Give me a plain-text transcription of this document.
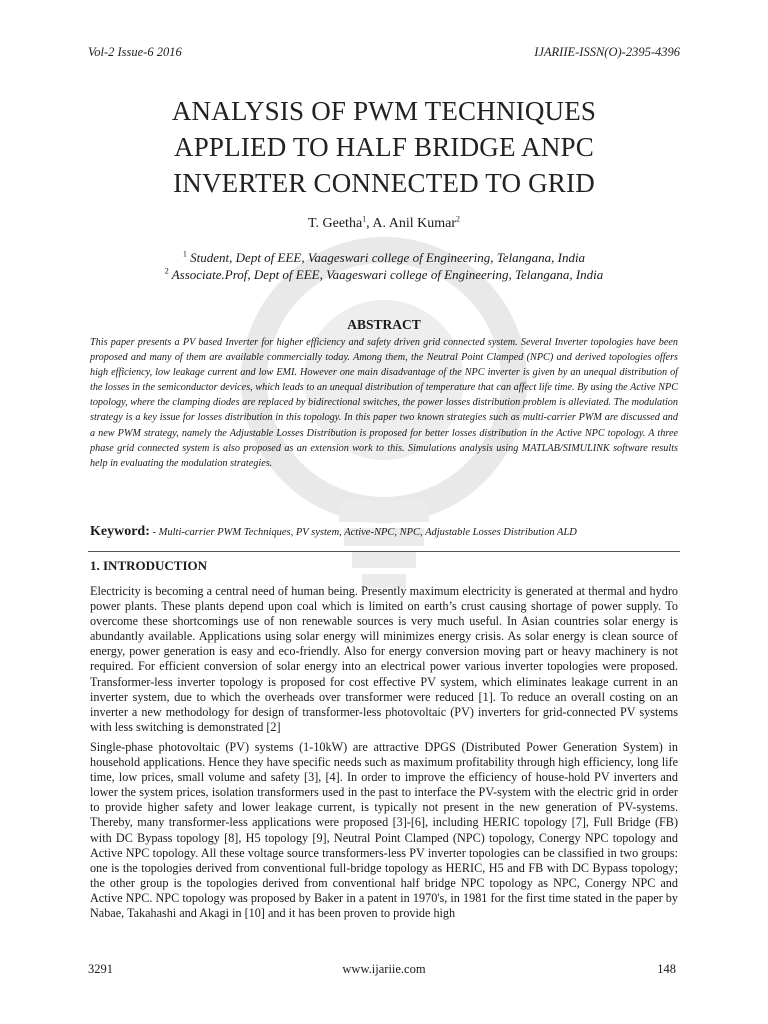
Vol-2 Issue-6 2016	IJARIIE-ISSN(O)-2395-4396
ANALYSIS OF PWM TECHNIQUES
APPLIED TO HALF BRIDGE ANPC
INVERTER CONNECTED TO GRID
T. Geetha$^1$, A. Anil Kumar$^2$
$^1$ Student, Dept of EEE, Vaageswari college of Engineering, Telangana, India
$^2$ Associate.Prof, Dept of EEE, Vaageswari college of Engineering, Telangana, India
ABSTRACT
This paper presents a PV based Inverter for higher efficiency and safety driven grid connected system. Several Inverter topologies have been proposed and many of them are available commercially today. Among them, the Neutral Point Clamped (NPC) and derived topologies offers high efficiency, low leakage current and low EMI. However one main disadvantage of the NPC inverter is given by an unequal distribution of the losses in the semiconductor devices, which leads to an unequal distribution of temperature that can affect life time. By using the Active NPC topology, where the clamping diodes are replaced by bidirectional switches, the power losses distribution problem is alleviated. The modulation strategy is a key issue for losses distribution in this topology. In this paper two known strategies such as multi-carrier PWM are discussed and a new PWM strategy, namely the Adjustable Losses Distribution is proposed for better losses distribution in the Active NPC topology. A three phase grid connected system is also proposed as an extension work to this. Simulations analysis using MATLAB/SIMULINK software results help in evaluating the modulation strategies.
Keyword: - Multi-carrier PWM Techniques, PV system, Active-NPC, NPC, Adjustable Losses Distribution ALD
1. INTRODUCTION
Electricity is becoming a central need of human being. Presently maximum electricity is generated at thermal and hydro power plants. These plants depend upon coal which is limited on earth’s crust causing shortage of power supply. To overcome these shortcomings use of non renewable sources is very much useful. In Asian countries solar energy is abundantly available. Applications using solar energy will minimizes energy crisis. As solar energy is clean source of energy, power generation is easy and eco-friendly. Also for energy conversion moving part or heavy machinery is not required. For efficient conversion of solar energy into an electrical power various inverter topologies were proposed. Transformer-less inverter topology is proposed for cost effective PV system, which eliminates leakage current in an inverter system, due to which the overheads over transformer were reduced [1]. To reduce an overall costing on an inverter a new methodology for design of transformer-less photovoltaic (PV) inverters for grid-connected PV systems with less switching is demonstrated [2]
Single-phase photovoltaic (PV) systems (1-10kW) are attractive DPGS (Distributed Power Generation System) in household applications. Hence they have specific needs such as maximum profitability through high efficiency, long life time, low prices, small volume and safety [3], [4]. In order to improve the efficiency of house-hold PV inverters and lower the system prices, isolation transformers used in the past to interface the PV-system with the electric grid in order to provide higher safety and lower leakage current, is typically not present in the new generation of PV-systems. Thereby, many transformer-less applications were proposed [3]-[6], including HERIC topology [7], Full Bridge (FB) with DC Bypass topology [8], H5 topology [9], Neutral Point Clamped (NPC) topology, Conergy NPC topology and Active NPC topology. All these voltage source transformers-less PV inverter topologies can be classified in two groups: one is the topologies derived from conventional full-bridge topology as HERIC, H5 and FB with DC Bypass topology; the other group is the topologies derived from conventional half bridge NPC topology as NPC, Conergy NPC and Active NPC. NPC topology was proposed by Baker in a patent in 1970's, in 1981 for the first time stated in the paper by Nabae, Takahashi and Akagi in [10] and it has been proven to provide high
3291	www.ijariie.com	148
